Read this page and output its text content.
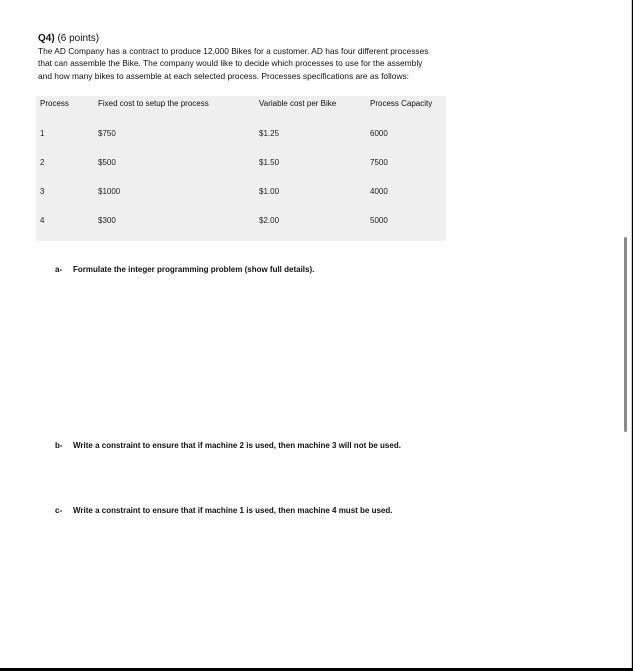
Q4) (6 points)
The AD Company has a contract to produce 12,000 Bikes for a customer. AD has four different processes
that can assemble the Bike. The company would like to decide which processes to use for the assembly
and how many bikes to assemble at each selected process. Processes specifications are as follows:
Process	Fixed cost to setup the process	Variable cost per Bike	Process Capacity
1	$750	$1.25	6000
2	$500	$1.50	7500
3	$1000	$1.00	4000
4	$300	$2.00	5000
a- Formulate the integer programming problem (show full details).
b- Write a constraint to ensure that if machine 2 is used, then machine 3 will not be used.
c- Write a constraint to ensure that if machine 1 is used, then machine 4 must be used.
